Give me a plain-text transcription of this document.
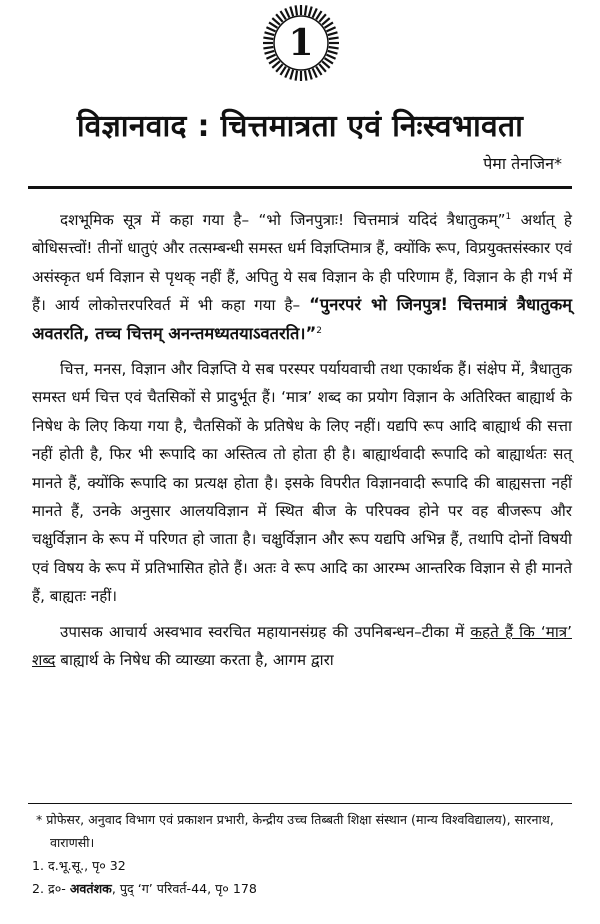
1
विज्ञानवाद : चित्तमात्रता एवं निःस्वभावता
पेमा तेनजिन*

दशभूमिक सूत्र में कहा गया है– “भो जिनपुत्राः! चित्तमात्रं यदिदं त्रैधातुकम्”$^1$ अर्थात् हे बोधिसत्त्वों! तीनों धातुएं और तत्सम्बन्धी समस्त धर्म विज्ञप्तिमात्र हैं, क्योंकि रूप, विप्रयुक्तसंस्कार एवं असंस्कृत धर्म विज्ञान से पृथक् नहीं हैं, अपितु ये सब विज्ञान के ही परिणाम हैं, विज्ञान के ही गर्भ में हैं। आर्य लोकोत्तरपरिवर्त में भी कहा गया है– “पुनरपरं भो जिनपुत्र! चित्तमात्रं त्रैधातुकम् अवतरति, तच्च चित्तम् अनन्तमध्यतयाऽवतरति।”$^2$

चित्त, मनस, विज्ञान और विज्ञप्ति ये सब परस्पर पर्यायवाची तथा एकार्थक हैं। संक्षेप में, त्रैधातुक समस्त धर्म चित्त एवं चैतसिकों से प्रादुर्भूत हैं। ‘मात्र’ शब्द का प्रयोग विज्ञान के अतिरिक्त बाह्यार्थ के निषेध के लिए किया गया है, चैतसिकों के प्रतिषेध के लिए नहीं। यद्यपि रूप आदि बाह्यार्थ की सत्ता नहीं होती है, फिर भी रूपादि का अस्तित्व तो होता ही है। बाह्यार्थवादी रूपादि को बाह्यार्थतः सत् मानते हैं, क्योंकि रूपादि का प्रत्यक्ष होता है। इसके विपरीत विज्ञानवादी रूपादि की बाह्यसत्ता नहीं मानते हैं, उनके अनुसार आलयविज्ञान में स्थित बीज के परिपक्व होने पर वह बीजरूप और चक्षुर्विज्ञान के रूप में परिणत हो जाता है। चक्षुर्विज्ञान और रूप यद्यपि अभिन्न हैं, तथापि दोनों विषयी एवं विषय के रूप में प्रतिभासित होते हैं। अतः वे रूप आदि का आरम्भ आन्तरिक विज्ञान से ही मानते हैं, बाह्यतः नहीं।

उपासक आचार्य अस्वभाव स्वरचित महायानसंग्रह की उपनिबन्धन–टीका में कहते हैं कि ‘मात्र’ शब्द बाह्यार्थ के निषेध की व्याख्या करता है, आगम द्वारा

* प्रोफेसर, अनुवाद विभाग एवं प्रकाशन प्रभारी, केन्द्रीय उच्च तिब्बती शिक्षा संस्थान (मान्य विश्वविद्यालय), सारनाथ, वाराणसी।
1. द.भू.सू., पृ० 32
2. द्र०- अवतंशक, पुद् ‘ग’ परिवर्त-44, पृ० 178
